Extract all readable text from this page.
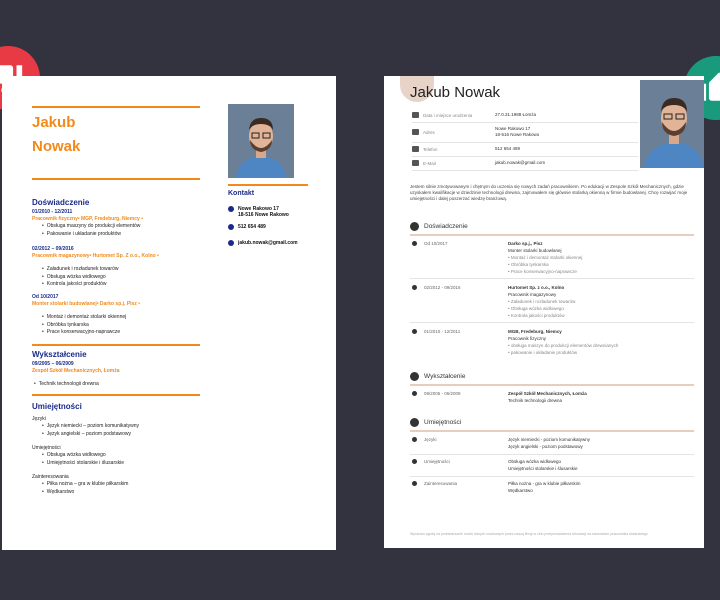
Jakub
Nowak
Kontakt
Nowe Rakowo 17
18-516 Nowe Rakowo
512 654 489
jakub.nowak@gmail.com
Doświadczenie
01/2010 - 12/2011
Pracownik fizyczny• MGP, Fredeburg, Niemcy •
• Obsługa maszyny do produkcji elementów
• Pakowanie i układanie produktów
02/2012 – 09/2016
Pracownik magazynowy• Hurtomet Sp. Z o.o., Kolno •
• Załadunek i rozładunek towarów
• Obsługa wózka widłowego
• Kontrola jakości produktów
Od 10/2017
Monter stolarki budowlanej• Darko sp.j. Pisz •
• Montaż i demontaż stolarki okiennej
• Obróbka tynkarska
• Prace konserwacyjno-naprawcze
Wykształcenie
09/2005 – 06/2009
Zespół Szkół Mechanicznych, Łomża
• Technik technologii drewna
Umiejętności
Języki
• Język niemiecki – poziom komunikatywny
• Język angielski – poziom podstawowy
Umiejętności
• Obsługa wózka widłowego
• Umiejętności stolarskie i ślusarskie
Zainteresowania
• Piłka nożna – gra w klubie piłkarskim
• Wędkarstwo
Jakub Nowak
Data i miejsce urodzenia	27.0.31.1988 Łomża
Adres
Nowe Rakowo 17
18-516 Nowe Rakowo
Telefon	512 654 489
E-Mail	jakub.nowak@gmail.com
Jestem silnie zmotywowanym i chętnym do uczenia się nowych zadań pracownikiem. Po edukacji w Zespole Szkół Mechanicznych, gdzie uzyskałem kwalifikacje w dziedzinie technologii drewna, zajmowałem się głównie stolarką okienną w firmie budowlanej. Chcę rozwijać moje umiejętności i dalej poszerzać wiedzę branżową.
Doświadczenie
Od 10/2017	Darko sp.j., Pisz
Monter stolarki budowlanej
• Montaż i demontaż stolarki okiennej
• Obróbka tynkarska
• Prace konserwacyjno-naprawcze
02/2012 - 09/2016	Hurtomet Sp. z o.o., Kolno
Pracownik magazynowy
• Załadunek i rozładunek towarów
• Obsługa wózka widłowego
• Kontrola jakości produktów
01/2010 - 12/2011	MGB, Fredeburg, Niemcy
Pracownik fizyczny
• obsługa maszyn do produkcji elementów drewnianych
• pakowanie i układanie produktów
Wykształcenie
09/2005 - 06/2009	Zespół Szkół Mechanicznych, Łomża
Technik technologii drewna
Umiejętności
Języki	Język niemiecki - poziom komunikatywny
Język angielski - poziom podstawowy
Umiejętności	Obsługa wózka widłowego
Umiejętności stolarskie i ślusarskie
Zainteresowania	Piłka nożna - gra w klubie piłkarskim
Wędkarstwo
Wyrażam zgodę na przetwarzanie moich danych osobowych przez naszą firmę w celu przeprowadzenia rekrutacji na stanowisko pracownika stolarskiego.
